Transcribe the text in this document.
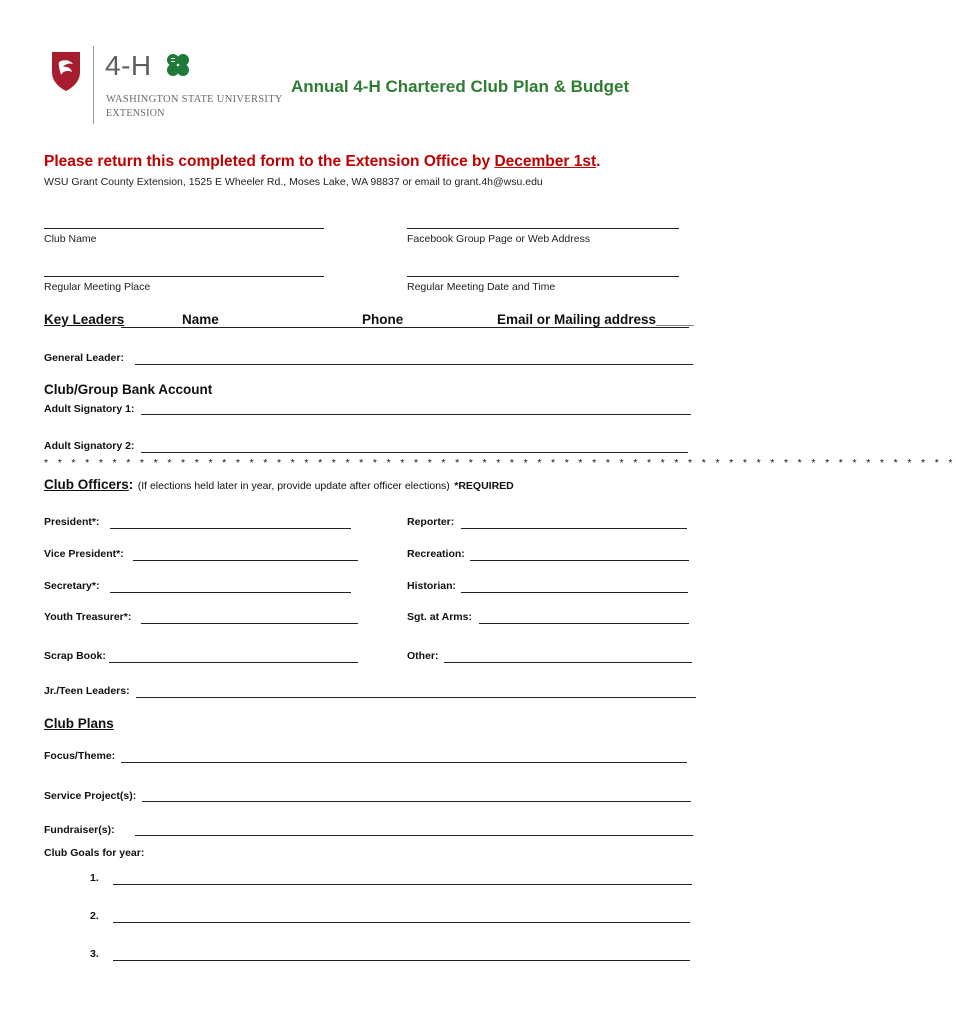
4-H
WASHINGTON STATE UNIVERSITY
EXTENSION
Annual 4-H Chartered Club Plan & Budget
Please return this completed form to the Extension Office by December 1st.
WSU Grant County Extension, 1525 E Wheeler Rd., Moses Lake, WA 98837 or email to grant.4h@wsu.edu
Club Name	Facebook Group Page or Web Address
Regular Meeting Place	Regular Meeting Date and Time
Key Leaders	Name	Phone	Email or Mailing address_____
General Leader:
Club/Group Bank Account
Adult Signatory 1:
Adult Signatory 2:
* * * * * * * * * * * * * * * * * * * * * * * * * * * * * * * * * * * * * * * * * * * * * * * * * * * * * * * * * * * * * * * * * * *
Club Officers: (If elections held later in year, provide update after officer elections) *REQUIRED
President*:	Reporter:
Vice President*:	Recreation:
Secretary*:	Historian:
Youth Treasurer*:	Sgt. at Arms:
Scrap Book:	Other:
Jr./Teen Leaders:
Club Plans
Focus/Theme:
Service Project(s):
Fundraiser(s):
Club Goals for year:
1.
2.
3.
